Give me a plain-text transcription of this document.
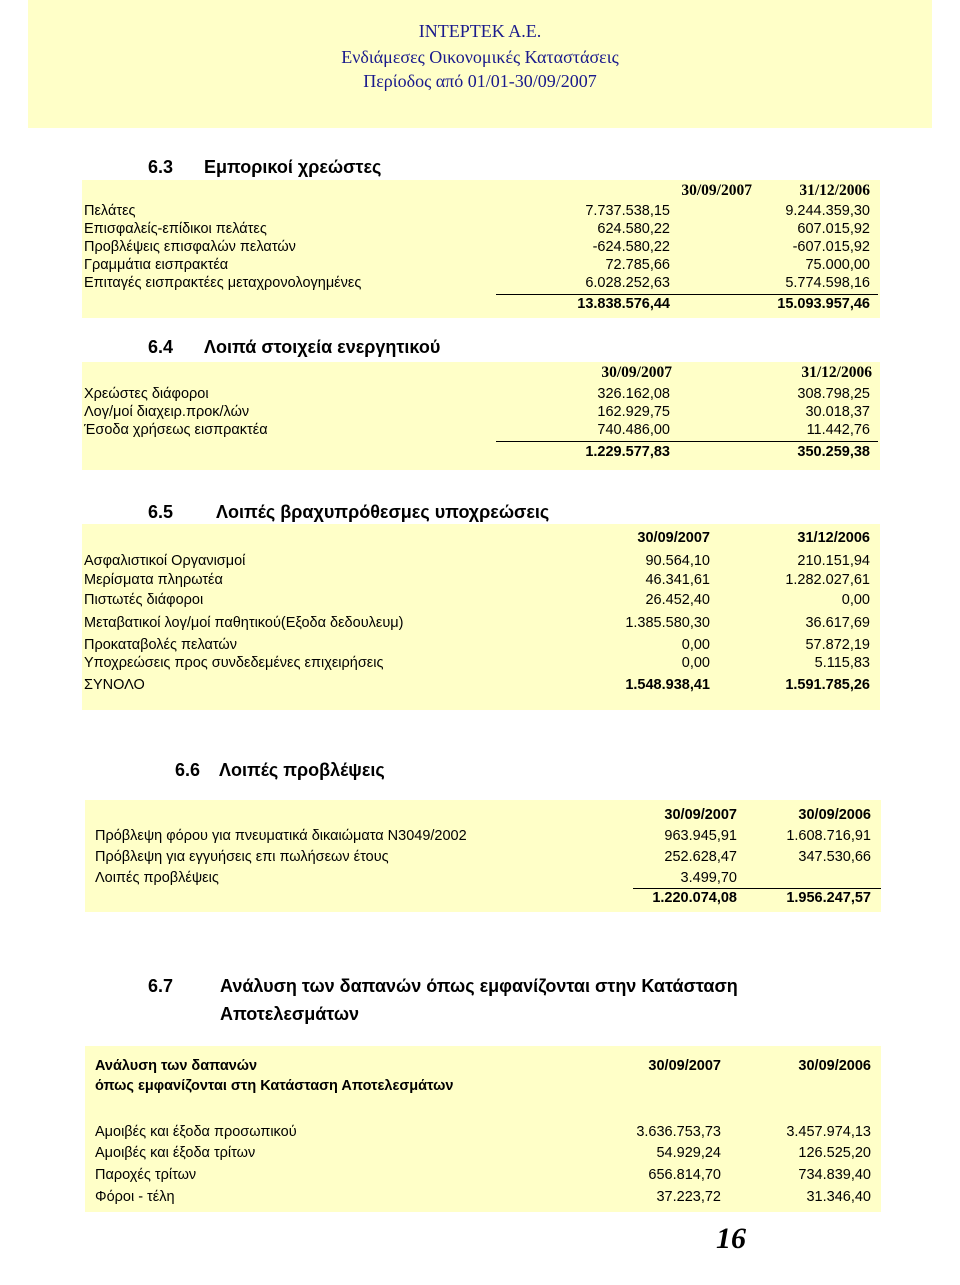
ΙΝΤΕΡΤΕΚ Α.Ε.
Ενδιάμεσες Οικονομικές Καταστάσεις
Περίοδος από 01/01-30/09/2007
6.3 Εμπορικοί χρεώστες
30/09/2007	31/12/2006
Πελάτες	7.737.538,15	9.244.359,30
Επισφαλείς-επίδικοι πελάτες	624.580,22	607.015,92
Προβλέψεις επισφαλών πελατών	-624.580,22	-607.015,92
Γραμμάτια εισπρακτέα	72.785,66	75.000,00
Επιταγές εισπρακτέες μεταχρονολογημένες	6.028.252,63	5.774.598,16
13.838.576,44	15.093.957,46
6.4 Λοιπά στοιχεία ενεργητικού
30/09/2007	31/12/2006
Χρεώστες διάφοροι	326.162,08	308.798,25
Λογ/μοί διαχειρ.προκ/λών	162.929,75	30.018,37
Έσοδα χρήσεως εισπρακτέα	740.486,00	11.442,76
1.229.577,83	350.259,38
6.5 Λοιπές βραχυπρόθεσμες υποχρεώσεις
30/09/2007	31/12/2006
Ασφαλιστικοί Οργανισμοί	90.564,10	210.151,94
Μερίσματα πληρωτέα	46.341,61	1.282.027,61
Πιστωτές διάφοροι	26.452,40	0,00
Μεταβατικοί λογ/μοί παθητικού(Εξοδα δεδουλευμ)	1.385.580,30	36.617,69
Προκαταβολές πελατών	0,00	57.872,19
Υποχρεώσεις προς συνδεδεμένες επιχειρήσεις	0,00	5.115,83
ΣΥΝΟΛΟ	1.548.938,41	1.591.785,26
6.6 Λοιπές προβλέψεις
30/09/2007	30/09/2006
Πρόβλεψη φόρου για πνευματικά δικαιώματα Ν3049/2002	963.945,91	1.608.716,91
Πρόβλεψη για εγγυήσεις επι πωλήσεων έτους	252.628,47	347.530,66
Λοιπές προβλέψεις	3.499,70
1.220.074,08	1.956.247,57
6.7	Ανάλυση των δαπανών όπως εμφανίζονται στην Κατάσταση
Αποτελεσμάτων
Ανάλυση των δαπανών	30/09/2007	30/09/2006
όπως εμφανίζονται στη Κατάσταση Αποτελεσμάτων
Αμοιβές και έξοδα προσωπικού	3.636.753,73	3.457.974,13
Αμοιβές και έξοδα τρίτων	54.929,24	126.525,20
Παροχές τρίτων	656.814,70	734.839,40
Φόροι - τέλη	37.223,72	31.346,40
16
